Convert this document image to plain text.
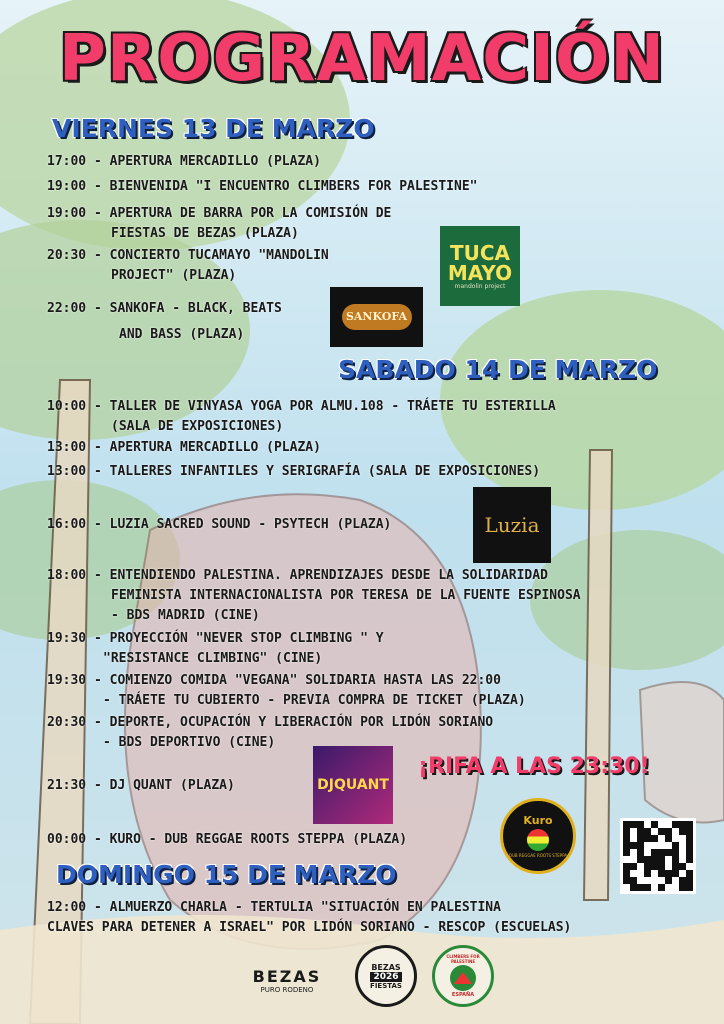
PROGRAMACIÓN
VIERNES 13 DE MARZO
17:00 - APERTURA MERCADILLO (PLAZA)
19:00 - BIENVENIDA "I ENCUENTRO CLIMBERS FOR PALESTINE"
19:00 - APERTURA DE BARRA POR LA COMISIÓN DE
FIESTAS DE BEZAS (PLAZA)
20:30 - CONCIERTO TUCAMAYO "MANDOLIN
PROJECT" (PLAZA)
22:00 - SANKOFA - BLACK, BEATS
AND BASS (PLAZA)
TUCA
MAYO
mandolin project
SANKOFA
SABADO 14 DE MARZO
10:00 - TALLER DE VINYASA YOGA POR ALMU.108 - TRÁETE TU ESTERILLA
(SALA DE EXPOSICIONES)
13:00 - APERTURA MERCADILLO (PLAZA)
13:00 - TALLERES INFANTILES Y SERIGRAFÍA (SALA DE EXPOSICIONES)
16:00 - LUZIA SACRED SOUND - PSYTECH (PLAZA)
18:00 - ENTENDIENDO PALESTINA. APRENDIZAJES DESDE LA SOLIDARIDAD
FEMINISTA INTERNACIONALISTA POR TERESA DE LA FUENTE ESPINOSA
- BDS MADRID (CINE)
19:30 - PROYECCIÓN "NEVER STOP CLIMBING " Y
"RESISTANCE CLIMBING" (CINE)
19:30 - COMIENZO COMIDA "VEGANA" SOLIDARIA HASTA LAS 22:00
- TRÁETE TU CUBIERTO - PREVIA COMPRA DE TICKET (PLAZA)
20:30 - DEPORTE, OCUPACIÓN Y LIBERACIÓN POR LIDÓN SORIANO
- BDS DEPORTIVO (CINE)
21:30 - DJ QUANT (PLAZA)
00:00 - KURO - DUB REGGAE ROOTS STEPPA (PLAZA)
Luzia
DJQUANT
¡RIFA A LAS 23:30!
Kuro
DUB REGGAE ROOTS STEPPA
DOMINGO 15 DE MARZO
12:00 - ALMUERZO CHARLA - TERTULIA "SITUACIÓN EN PALESTINA
CLAVES PARA DETENER A ISRAEL" POR LIDÓN SORIANO - RESCOP (ESCUELAS)
BEZAS
PURO RODENO
BEZAS
2026
FIESTAS
CLIMBERS FOR PALESTINE
ESPAÑA
